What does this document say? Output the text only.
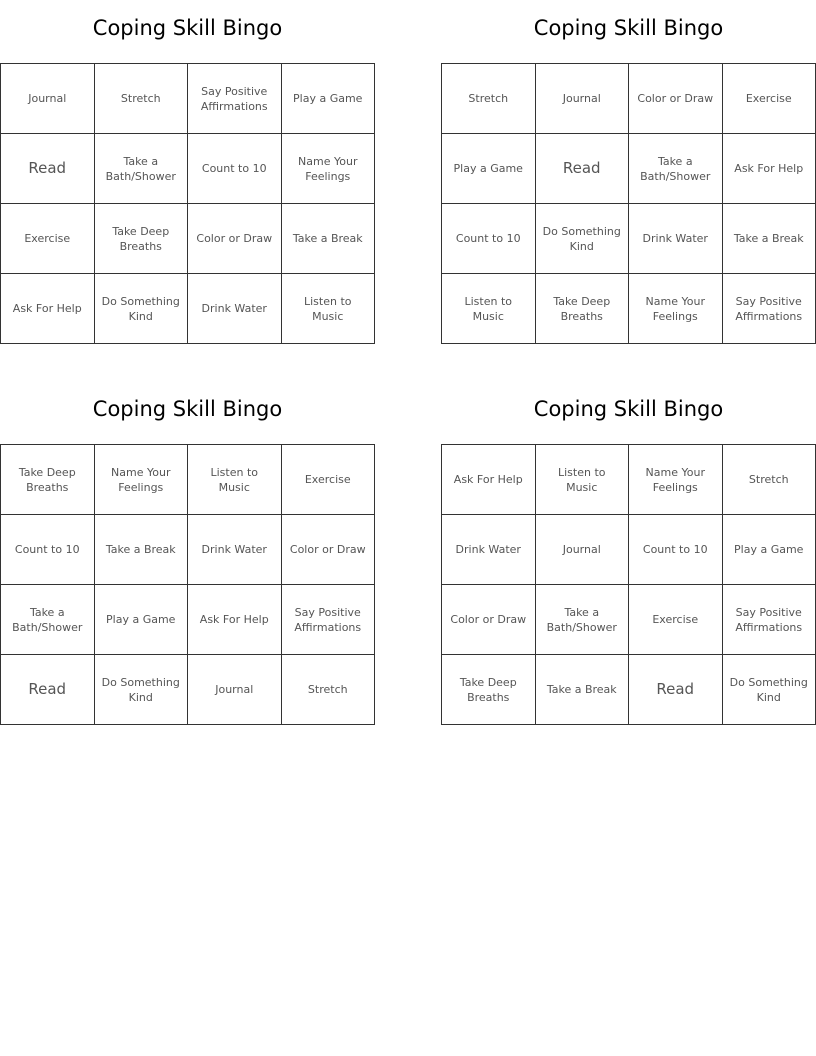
Coping Skill Bingo
Journal	Stretch	Say Positive Affirmations	Play a Game
Read	Take a Bath/Shower	Count to 10	Name Your Feelings
Exercise	Take Deep Breaths	Color or Draw	Take a Break
Ask For Help	Do Something Kind	Drink Water	Listen to Music
Coping Skill Bingo
Stretch	Journal	Color or Draw	Exercise
Play a Game	Read	Take a Bath/Shower	Ask For Help
Count to 10	Do Something Kind	Drink Water	Take a Break
Listen to Music	Take Deep Breaths	Name Your Feelings	Say Positive Affirmations
Coping Skill Bingo
Take Deep Breaths	Name Your Feelings	Listen to Music	Exercise
Count to 10	Take a Break	Drink Water	Color or Draw
Take a Bath/Shower	Play a Game	Ask For Help	Say Positive Affirmations
Read	Do Something Kind	Journal	Stretch
Coping Skill Bingo
Ask For Help	Listen to Music	Name Your Feelings	Stretch
Drink Water	Journal	Count to 10	Play a Game
Color or Draw	Take a Bath/Shower	Exercise	Say Positive Affirmations
Take Deep Breaths	Take a Break	Read	Do Something Kind
